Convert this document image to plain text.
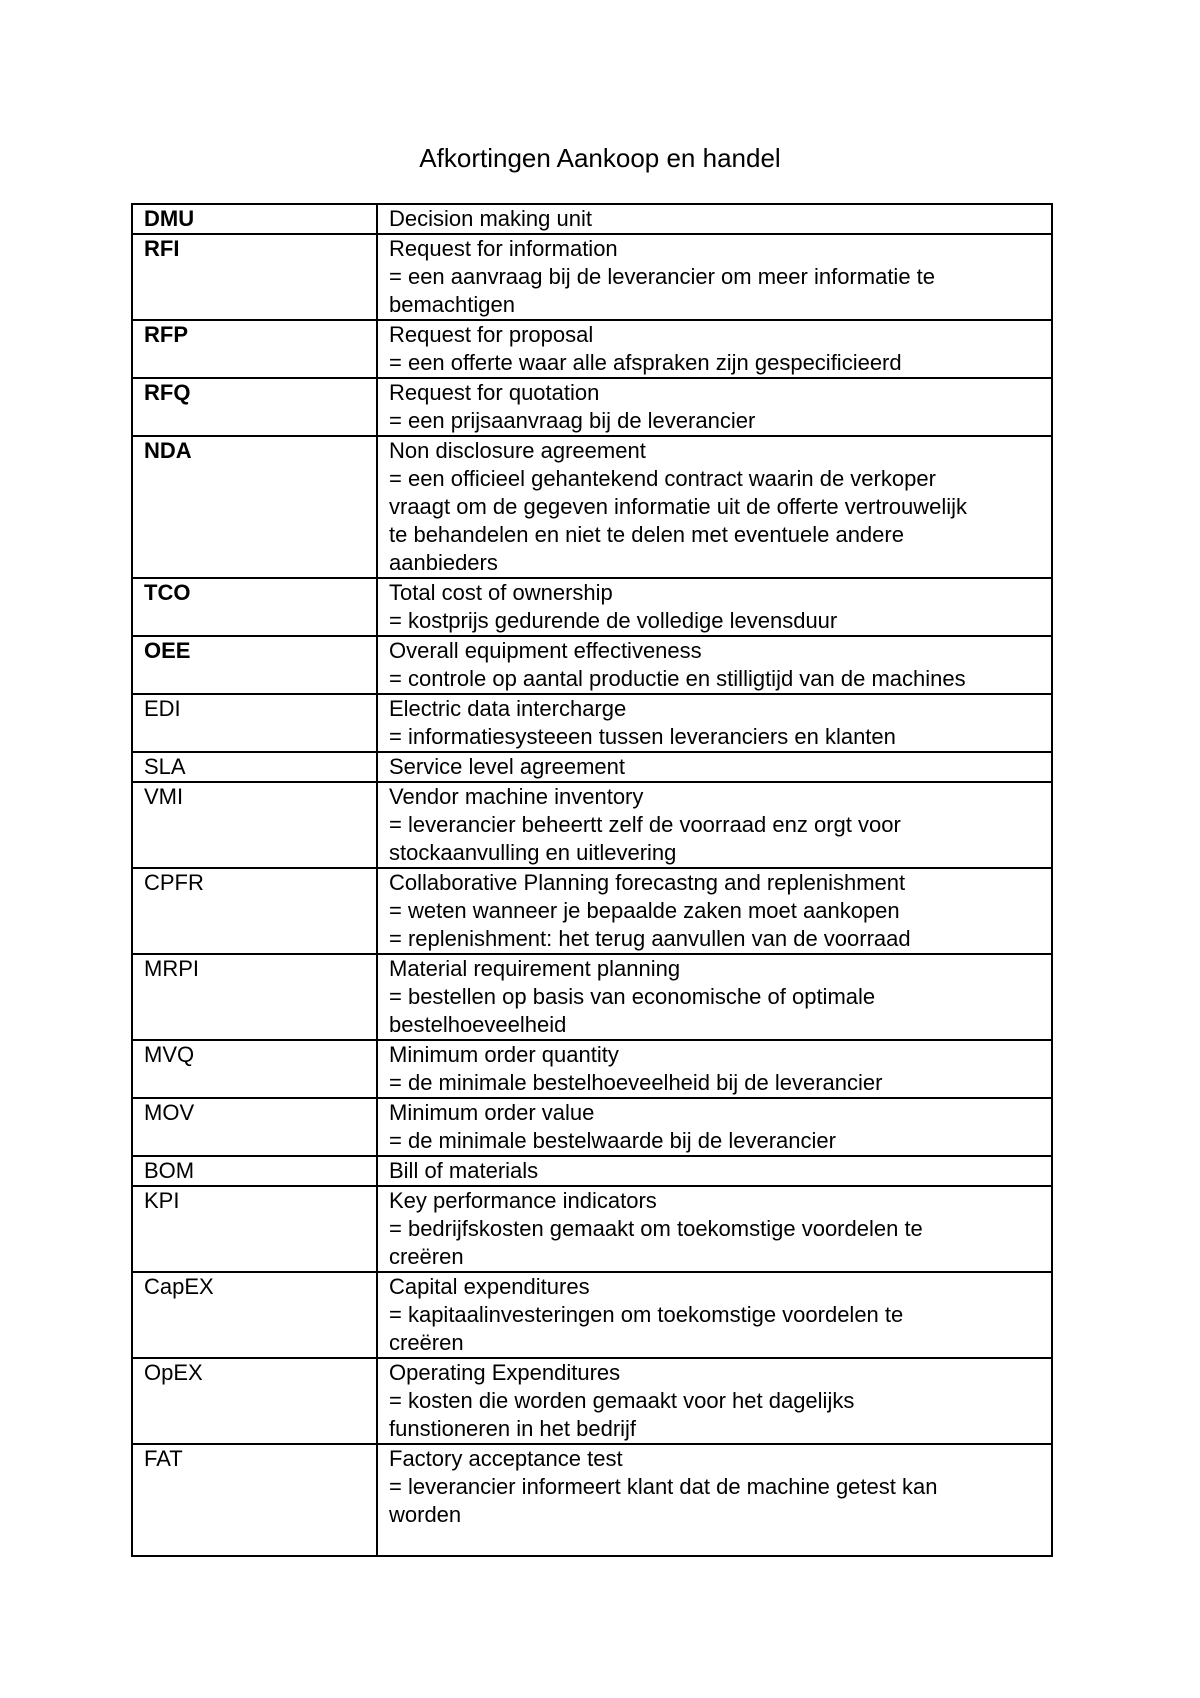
Afkortingen Aankoop en handel
DMU	Decision making unit

RFI	Request for information
= een aanvraag bij de leverancier om meer informatie te
bemachtigen

RFP	Request for proposal
= een offerte waar alle afspraken zijn gespecificieerd

RFQ	Request for quotation
= een prijsaanvraag bij de leverancier

NDA	Non disclosure agreement
= een officieel gehantekend contract waarin de verkoper
vraagt om de gegeven informatie uit de offerte vertrouwelijk
te behandelen en niet te delen met eventuele andere
aanbieders

TCO	Total cost of ownership
= kostprijs gedurende de volledige levensduur

OEE	Overall equipment effectiveness
= controle op aantal productie en stilligtijd van de machines

EDI	Electric data intercharge
= informatiesysteeen tussen leveranciers en klanten

SLA	Service level agreement

VMI	Vendor machine inventory
= leverancier beheertt zelf de voorraad enz orgt voor
stockaanvulling en uitlevering

CPFR	Collaborative Planning forecastng and replenishment
= weten wanneer je bepaalde zaken moet aankopen
= replenishment: het terug aanvullen van de voorraad

MRPI	Material requirement planning
= bestellen op basis van economische of optimale
bestelhoeveelheid

MVQ	Minimum order quantity
= de minimale bestelhoeveelheid bij de leverancier

MOV	Minimum order value
= de minimale bestelwaarde bij de leverancier

BOM	Bill of materials

KPI	Key performance indicators
= bedrijfskosten gemaakt om toekomstige voordelen te
creëren

CapEX	Capital expenditures
= kapitaalinvesteringen om toekomstige voordelen te
creëren

OpEX	Operating Expenditures
= kosten die worden gemaakt voor het dagelijks
funstioneren in het bedrijf

FAT	Factory acceptance test
= leverancier informeert klant dat de machine getest kan
worden
